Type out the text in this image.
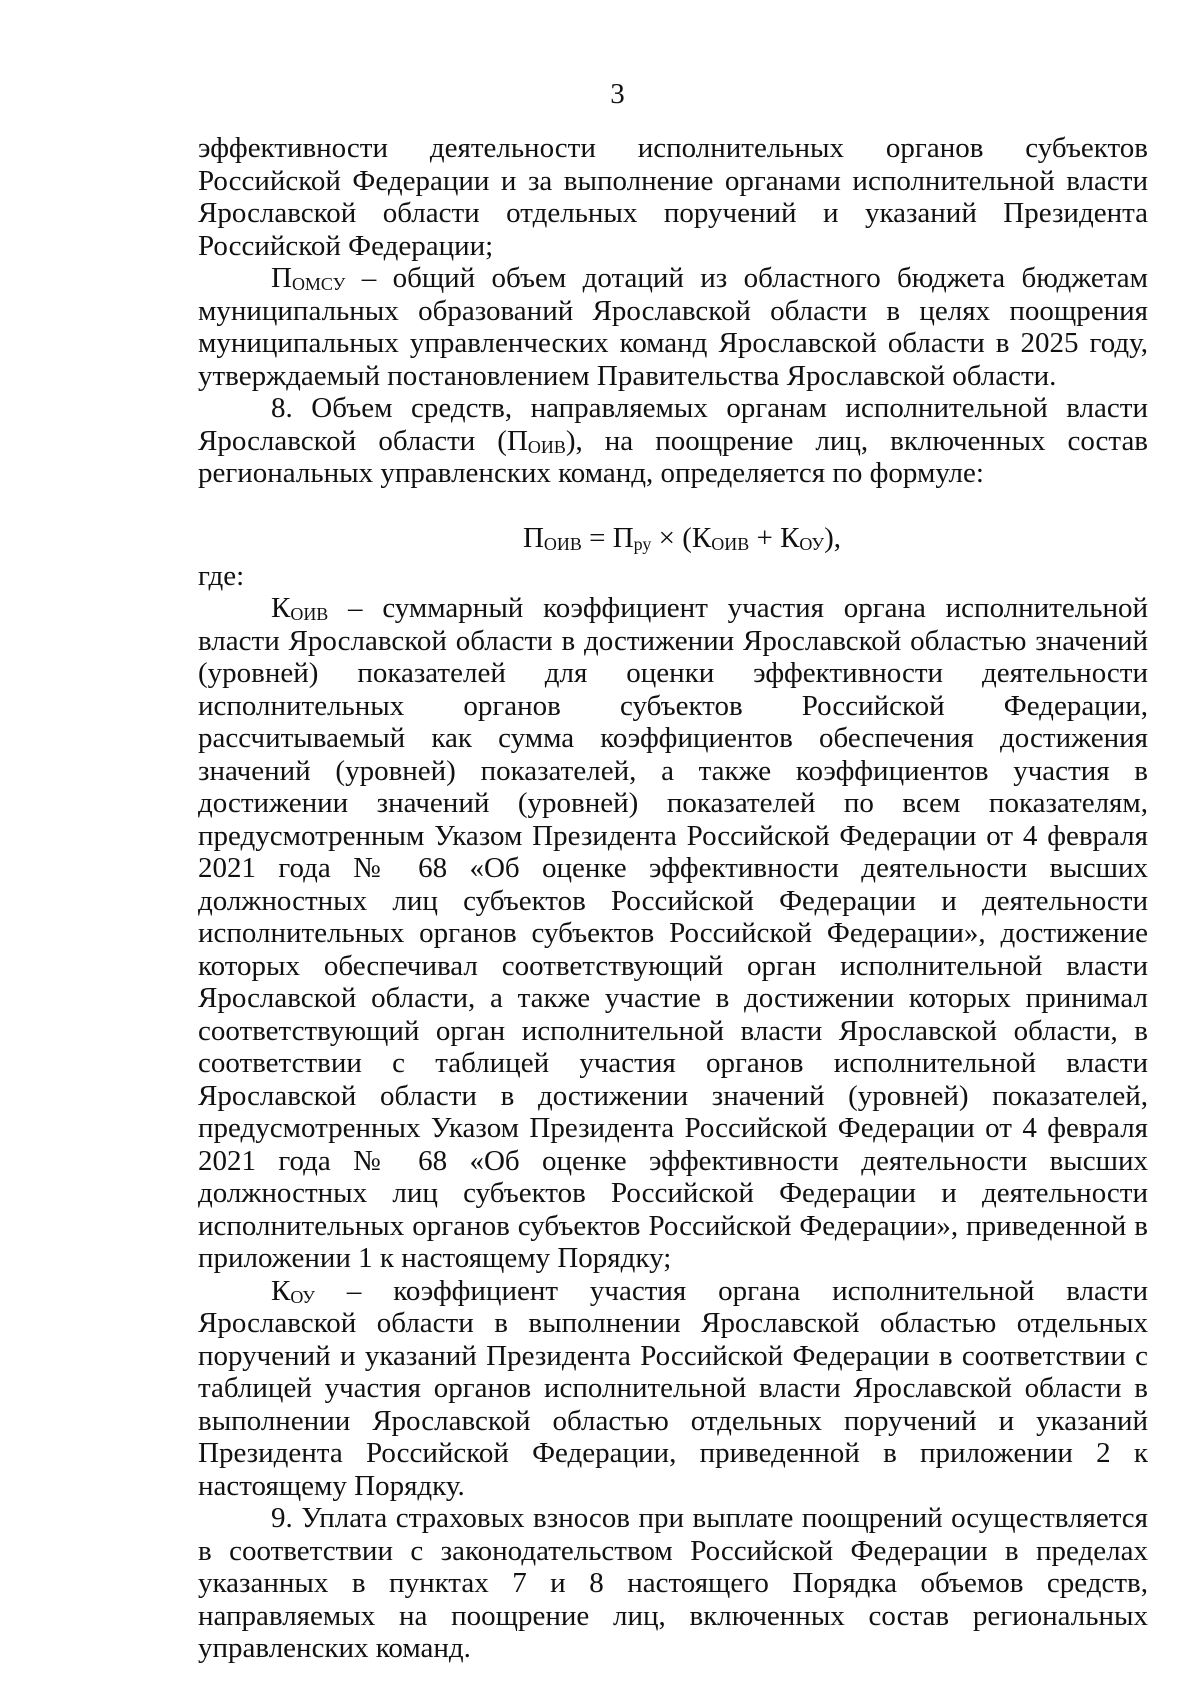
3

эффективности деятельности исполнительных органов субъектов Российской Федерации и за выполнение органами исполнительной власти Ярославской области отдельных поручений и указаний Президента Российской Федерации;

$П_{ОМСУ}$ – общий объем дотаций из областного бюджета бюджетам муниципальных образований Ярославской области в целях поощрения муниципальных управленческих команд Ярославской области в 2025 году, утверждаемый постановлением Правительства Ярославской области.

8. Объем средств, направляемых органам исполнительной власти Ярославской области $(П_{ОИВ})$, на поощрение лиц, включенных состав региональных управленских команд, определяется по формуле:

$П_{ОИВ} = П_{ру} \times (К_{ОИВ} + К_{ОУ})$,

где:

$К_{ОИВ}$ – суммарный коэффициент участия органа исполнительной власти Ярославской области в достижении Ярославской областью значений (уровней) показателей для оценки эффективности деятельности исполнительных органов субъектов Российской Федерации, рассчитываемый как сумма коэффициентов обеспечения достижения значений (уровней) показателей, а также коэффициентов участия в достижении значений (уровней) показателей по всем показателям, предусмотренным Указом Президента Российской Федерации от 4 февраля 2021 года № 68 «Об оценке эффективности деятельности высших должностных лиц субъектов Российской Федерации и деятельности исполнительных органов субъектов Российской Федерации», достижение которых обеспечивал соответствующий орган исполнительной власти Ярославской области, а также участие в достижении которых принимал соответствующий орган исполнительной власти Ярославской области, в соответствии с таблицей участия органов исполнительной власти Ярославской области в достижении значений (уровней) показателей, предусмотренных Указом Президента Российской Федерации от 4 февраля 2021 года № 68 «Об оценке эффективности деятельности высших должностных лиц субъектов Российской Федерации и деятельности исполнительных органов субъектов Российской Федерации», приведенной в приложении 1 к настоящему Порядку;

$К_{ОУ}$ – коэффициент участия органа исполнительной власти Ярославской области в выполнении Ярославской областью отдельных поручений и указаний Президента Российской Федерации в соответствии с таблицей участия органов исполнительной власти Ярославской области в выполнении Ярославской областью отдельных поручений и указаний Президента Российской Федерации, приведенной в приложении 2 к настоящему Порядку.

9. Уплата страховых взносов при выплате поощрений осуществляется в соответствии с законодательством Российской Федерации в пределах указанных в пунктах 7 и 8 настоящего Порядка объемов средств, направляемых на поощрение лиц, включенных состав региональных управленских команд.
